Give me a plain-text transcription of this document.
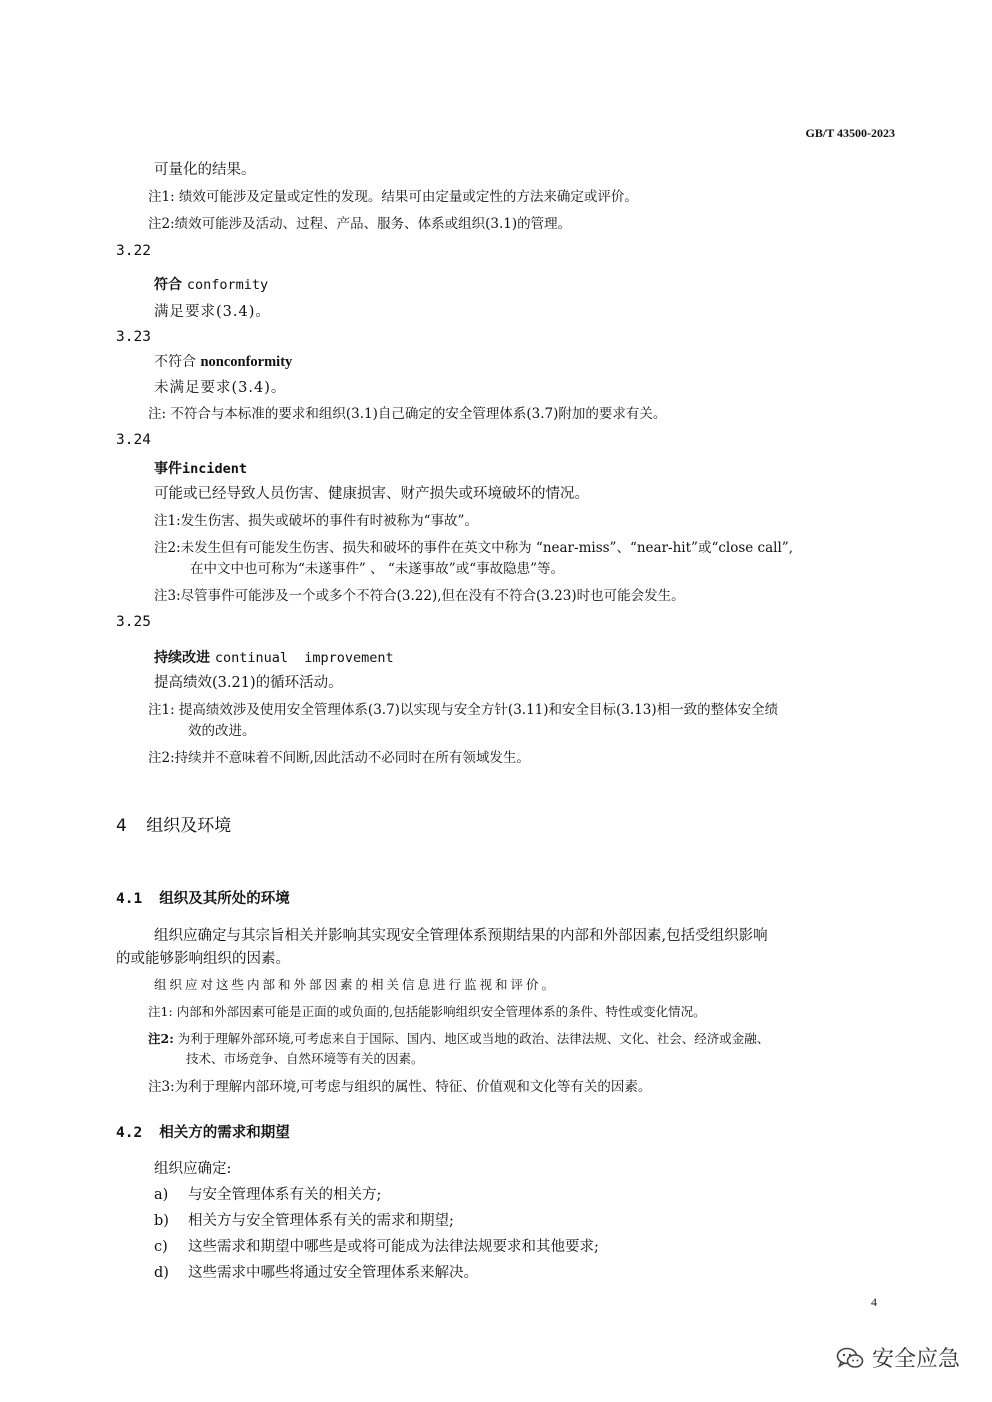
GB/T 43500-2023
可量化的结果。
注1: 绩效可能涉及定量或定性的发现。结果可由定量或定性的方法来确定或评价。
注2:绩效可能涉及活动、过程、产品、服务、体系或组织(3.1)的管理。
3.22
符合 conformity
满足要求(3.4)。
3.23
不符合 nonconformity
未满足要求(3.4)。
注: 不符合与本标准的要求和组织(3.1)自己确定的安全管理体系(3.7)附加的要求有关。
3.24
事件incident
可能或已经导致人员伤害、健康损害、财产损失或环境破坏的情况。
注1:发生伤害、损失或破坏的事件有时被称为“事故”。
注2:未发生但有可能发生伤害、损失和破坏的事件在英文中称为 “near-miss”、“near-hit”或“close call”,
在中文中也可称为“未遂事件” 、 “未遂事故”或“事故隐患”等。
注3:尽管事件可能涉及一个或多个不符合(3.22),但在没有不符合(3.23)时也可能会发生。
3.25
持续改进 continual  improvement
提高绩效(3.21)的循环活动。
注1: 提高绩效涉及使用安全管理体系(3.7)以实现与安全方针(3.11)和安全目标(3.13)相一致的整体安全绩
效的改进。
注2:持续并不意味着不间断,因此活动不必同时在所有领域发生。
4 组织及环境
4.1 组织及其所处的环境
组织应确定与其宗旨相关并影响其实现安全管理体系预期结果的内部和外部因素,包括受组织影响
的或能够影响组织的因素。
组织应对这些内部和外部因素的相关信息进行监视和评价。
注1: 内部和外部因素可能是正面的或负面的,包括能影响组织安全管理体系的条件、特性或变化情况。
注2: 为利于理解外部环境,可考虑来自于国际、国内、地区或当地的政治、法律法规、文化、社会、经济或金融、
技术、市场竞争、自然环境等有关的因素。
注3:为利于理解内部环境,可考虑与组织的属性、特征、价值观和文化等有关的因素。
4.2 相关方的需求和期望
组织应确定:
a) 与安全管理体系有关的相关方;
b) 相关方与安全管理体系有关的需求和期望;
c) 这些需求和期望中哪些是或将可能成为法律法规要求和其他要求;
d) 这些需求中哪些将通过安全管理体系来解决。
4
安全应急
